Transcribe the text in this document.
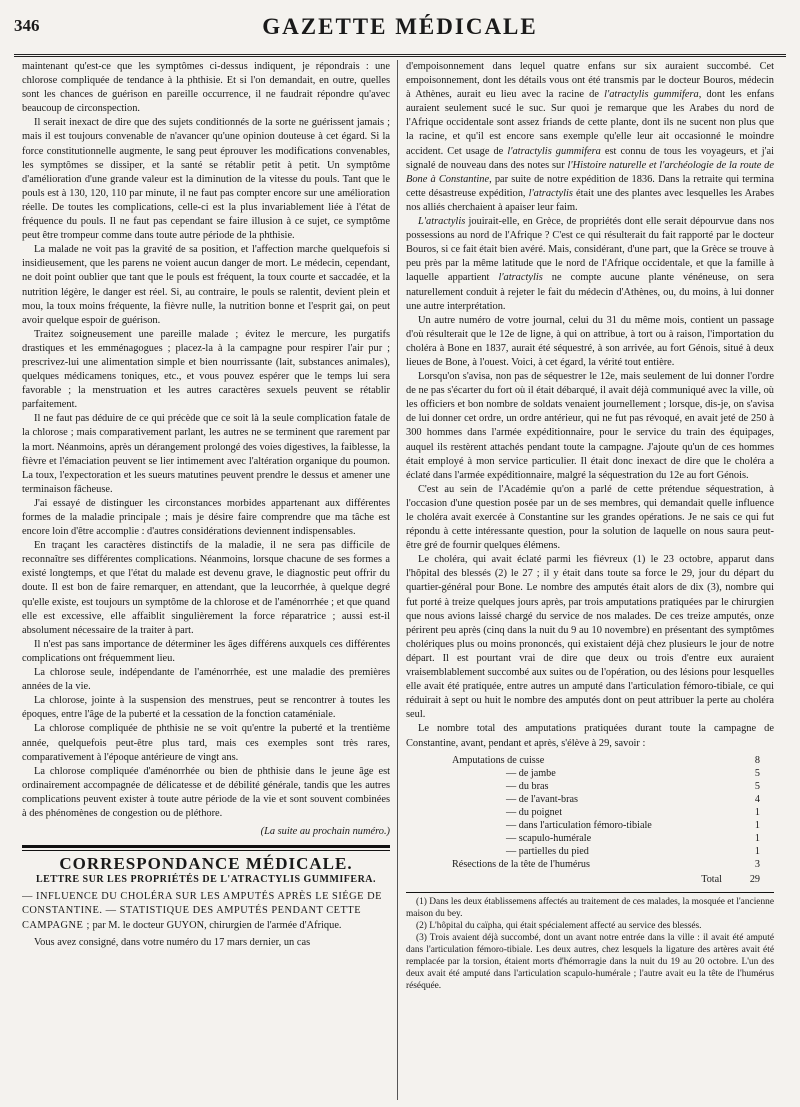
346	GAZETTE MÉDICALE

maintenant qu'est-ce que les symptômes ci-dessus indiquent, je répondrais : une chlorose compliquée de tendance à la phthisie. Et si l'on demandait, en outre, quelles sont les chances de guérison en pareille occurrence, il ne faudrait répondre qu'avec beaucoup de circonspection.

Il serait inexact de dire que des sujets conditionnés de la sorte ne guérissent jamais ; mais il est toujours convenable de n'avancer qu'une opinion douteuse à cet égard. Si la force constitutionnelle augmente, le sang peut éprouver les modifications convenables, les symptômes se dissiper, et la santé se rétablir petit à petit. Un symptôme d'amélioration d'une grande valeur est la diminution de la vitesse du pouls. Tant que le pouls est à 130, 120, 110 par minute, il ne faut pas compter encore sur une amélioration réelle. De toutes les complications, celle-ci est la plus invariablement liée à l'état de fréquence du pouls. Il ne faut pas cependant se faire illusion à ce sujet, ce symptôme peut être trompeur comme dans toute autre période de la phthisie.

La malade ne voit pas la gravité de sa position, et l'affection marche quelquefois si insidieusement, que les parens ne voient aucun danger de mort. Le médecin, cependant, ne doit point oublier que tant que le pouls est fréquent, la toux courte et saccadée, et la nutrition légère, le danger est réel. Si, au contraire, le pouls se ralentit, devient plein et mou, la toux moins fréquente, la fièvre nulle, la nutrition bonne et l'esprit gai, on peut avoir quelque espoir de guérison.

Traitez soigneusement une pareille malade ; évitez le mercure, les purgatifs drastiques et les emménagogues ; placez-la à la campagne pour respirer l'air pur ; prescrivez-lui une alimentation simple et bien nourrissante (lait, substances animales), quelques médicamens toniques, etc., et vous pouvez espérer que le temps lui sera favorable ; la menstruation et les autres caractères sexuels peuvent se rétablir parfaitement.

Il ne faut pas déduire de ce qui précède que ce soit là la seule complication fatale de la chlorose ; mais comparativement parlant, les autres ne se terminent que rarement par la mort. Néanmoins, après un dérangement prolongé des voies digestives, la faiblesse, la fièvre et l'émaciation peuvent se lier intimement avec l'altération organique du poumon. La toux, l'expectoration et les sueurs matutines peuvent prendre le dessus et amener une terminaison fâcheuse.

J'ai essayé de distinguer les circonstances morbides appartenant aux différentes formes de la maladie principale ; mais je désire faire comprendre que ma tâche est encore loin d'être accomplie : d'autres considérations deviennent indispensables.

En traçant les caractères distinctifs de la maladie, il ne sera pas difficile de reconnaître ses différentes complications. Néanmoins, lorsque chacune de ses formes a existé longtemps, et que l'état du malade est devenu grave, le diagnostic peut offrir du doute. Il est bon de faire remarquer, en attendant, que la leucorrhée, à quelque degré qu'elle existe, est toujours un symptôme de la chlorose et de l'aménorrhée ; et que quand elle est excessive, elle affaiblit singulièrement la force réparatrice ; aussi est-il absolument nécessaire de la traiter à part.

Il n'est pas sans importance de déterminer les âges différens auxquels ces différentes complications ont fréquemment lieu.

La chlorose seule, indépendante de l'aménorrhée, est une maladie des premières années de la vie.

La chlorose, jointe à la suspension des menstrues, peut se rencontrer à toutes les époques, entre l'âge de la puberté et la cessation de la fonction cataméniale.

La chlorose compliquée de phthisie ne se voit qu'entre la puberté et la trentième année, quelquefois peut-être plus tard, mais ces exemples sont très rares, comparativement à l'époque antérieure de vingt ans.

La chlorose compliquée d'aménorrhée ou bien de phthisie dans le jeune âge est ordinairement accompagnée de délicatesse et de débilité générale, tandis que les autres complications peuvent exister à toute autre période de la vie et sont souvent combinées à des phénomènes de congestion ou de pléthore.

(La suite au prochain numéro.)

CORRESPONDANCE MÉDICALE.

LETTRE SUR LES PROPRIÉTÉS DE L'ATRACTYLIS GUMMIFERA.

— INFLUENCE DU CHOLÉRA SUR LES AMPUTÉS APRÈS LE SIÉGE DE CONSTANTINE. — STATISTIQUE DES AMPUTÉS PENDANT CETTE CAMPAGNE ; par M. le docteur GUYON, chirurgien de l'armée d'Afrique.

Vous avez consigné, dans votre numéro du 17 mars dernier, un cas

d'empoisonnement dans lequel quatre enfans sur six auraient succombé. Cet empoisonnement, dont les détails vous ont été transmis par le docteur Bouros, médecin à Athènes, aurait eu lieu avec la racine de l'atractylis gummifera, dont les enfans auraient seulement sucé le suc. Sur quoi je remarque que les Arabes du nord de l'Afrique occidentale sont assez friands de cette plante, dont ils ne sucent non plus que la racine, et qu'il est encore sans exemple qu'elle leur ait occasionné le moindre accident. Cet usage de l'atractylis gummifera est connu de tous les voyageurs, et j'ai signalé de nouveau dans des notes sur l'Histoire naturelle et l'archéologie de la route de Bone à Constantine, par suite de notre expédition de 1836. Dans la retraite qui termina cette désastreuse expédition, l'atractylis était une des plantes avec lesquelles les Arabes nos alliés cherchaient à apaiser leur faim.

L'atractylis jouirait-elle, en Grèce, de propriétés dont elle serait dépourvue dans nos possessions au nord de l'Afrique ? C'est ce qui résulterait du fait rapporté par le docteur Bouros, si ce fait était bien avéré. Mais, considérant, d'une part, que la Grèce se trouve à peu près par la même latitude que le nord de l'Afrique occidentale, et que la famille à laquelle appartient l'atractylis ne compte aucune plante vénéneuse, on sera naturellement conduit à rejeter le fait du médecin d'Athènes, ou, du moins, à lui donner une autre interprétation.

Un autre numéro de votre journal, celui du 31 du même mois, contient un passage d'où résulterait que le 12e de ligne, à qui on attribue, à tort ou à raison, l'importation du choléra à Bone en 1837, aurait été séquestré, à son arrivée, au fort Génois, situé à deux lieues de Bone, à l'ouest. Voici, à cet égard, la vérité tout entière.

Lorsqu'on s'avisa, non pas de séquestrer le 12e, mais seulement de lui donner l'ordre de ne pas s'écarter du fort où il était débarqué, il avait déjà communiqué avec la ville, où les officiers et bon nombre de soldats venaient journellement ; lorsque, dis-je, on s'avisa de lui donner cet ordre, un ordre antérieur, qui ne fut pas révoqué, en avait jeté de 250 à 300 hommes dans l'armée expéditionnaire, pour le service du train des équipages, auquel ils restèrent attachés pendant toute la campagne. J'ajoute qu'un de ces hommes était employé à mon service particulier. Il était donc inexact de dire que le choléra a éclaté dans l'armée expéditionnaire, malgré la séquestration du 12e au fort Génois.

C'est au sein de l'Académie qu'on a parlé de cette prétendue séquestration, à l'occasion d'une question posée par un de ses membres, qui demandait quelle influence le choléra avait exercée à Constantine sur les grandes opérations. Je ne sais ce qui fut répondu à cette intéressante question, pour la solution de laquelle on nous saura peut-être gré de fournir quelques élémens.

Le choléra, qui avait éclaté parmi les fiévreux (1) le 23 octobre, apparut dans l'hôpital des blessés (2) le 27 ; il y était dans toute sa force le 29, jour du départ du quartier-général pour Bone. Le nombre des amputés était alors de dix (3), nombre qui fut porté à treize quelques jours après, par trois amputations pratiquées par le chirurgien que nous avions laissé chargé du service de nos malades. De ces treize amputés, onze périrent peu après (cinq dans la nuit du 9 au 10 novembre) en présentant des symptômes cholériques plus ou moins prononcés, qui existaient déjà chez plusieurs le jour de notre départ. Il est pourtant vrai de dire que deux ou trois d'entre eux auraient vraisemblablement succombé aux suites ou de l'opération, ou des lésions pour lesquelles elle avait été pratiquée, entre autres un amputé dans l'articulation fémoro-tibiale, ce qui réduirait à sept ou huit le nombre des amputés dont on peut attribuer la perte au choléra seul.

Le nombre total des amputations pratiquées durant toute la campagne de Constantine, avant, pendant et après, s'élève à 29, savoir :

Amputations de cuisse	8
— de jambe	5
— du bras	5
— de l'avant-bras	4
— du poignet	1
— dans l'articulation fémoro-tibiale	1
— scapulo-humérale	1
— partielles du pied	1
Résections de la tête de l'humérus	3
Total	29

(1) Dans les deux établissemens affectés au traitement de ces malades, la mosquée et l'ancienne maison du bey.

(2) L'hôpital du caïpha, qui était spécialement affecté au service des blessés.

(3) Trois avaient déjà succombé, dont un avant notre entrée dans la ville : il avait été amputé dans l'articulation fémoro-tibiale. Les deux autres, chez lesquels la ligature des artères avait été remplacée par la torsion, étaient morts d'hémorragie dans la nuit du 19 au 20 octobre. L'un des deux avait été amputé dans l'articulation scapulo-humérale ; l'autre avait eu la tête de l'humérus réséquée.
